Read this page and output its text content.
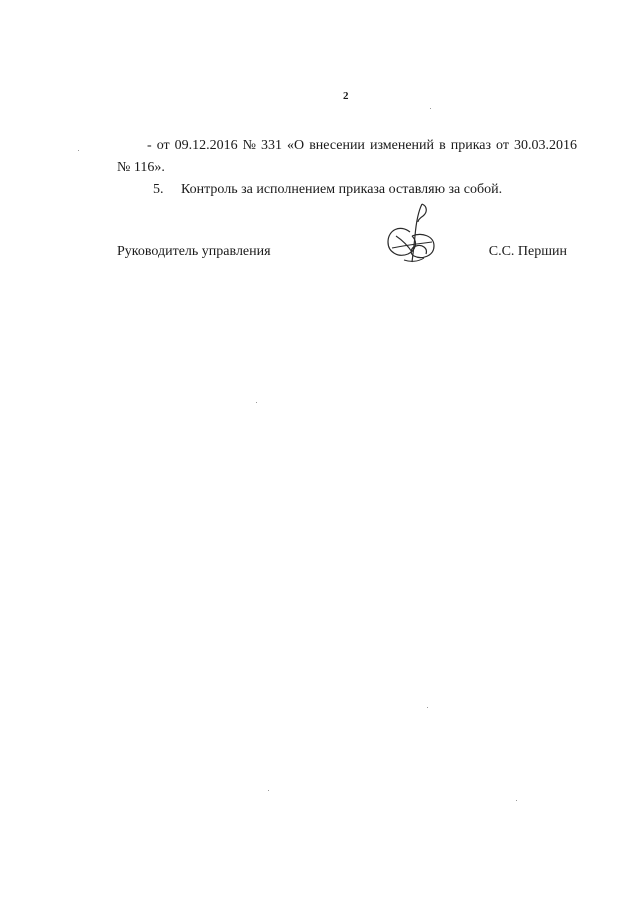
2
- от 09.12.2016 № 331 «О внесении изменений в приказ от 30.03.2016
№ 116».
5. Контроль за исполнением приказа оставляю за собой.
Руководитель управления	С.С. Першин
